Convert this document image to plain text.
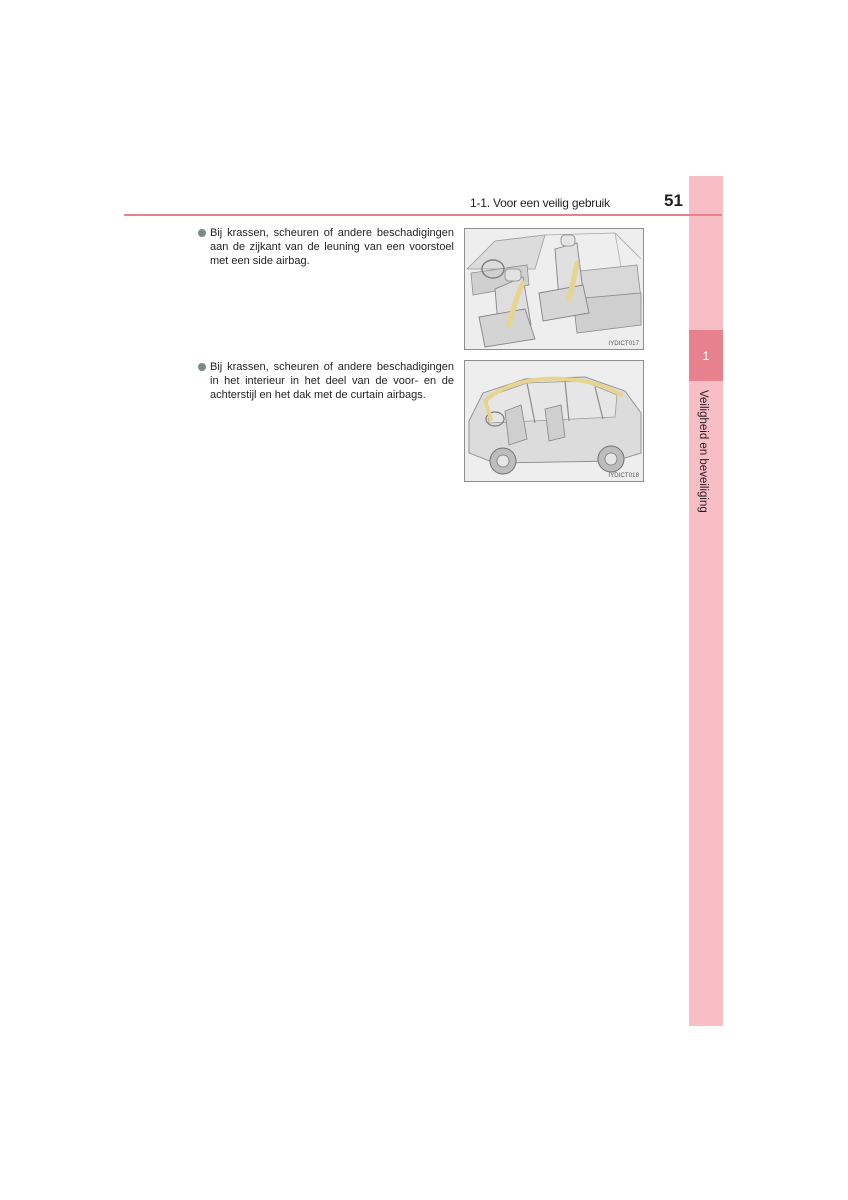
1
Veiligheid en beveiliging
1-1. Voor een veilig gebruik	51
Bij krassen, scheuren of andere beschadigingen aan de zijkant van de leuning van een voorstoel met een side airbag.
IYDICT017
Bij krassen, scheuren of andere beschadigingen in het interieur in het deel van de voor- en de achterstijl en het dak met de curtain airbags.
IYDICT018
